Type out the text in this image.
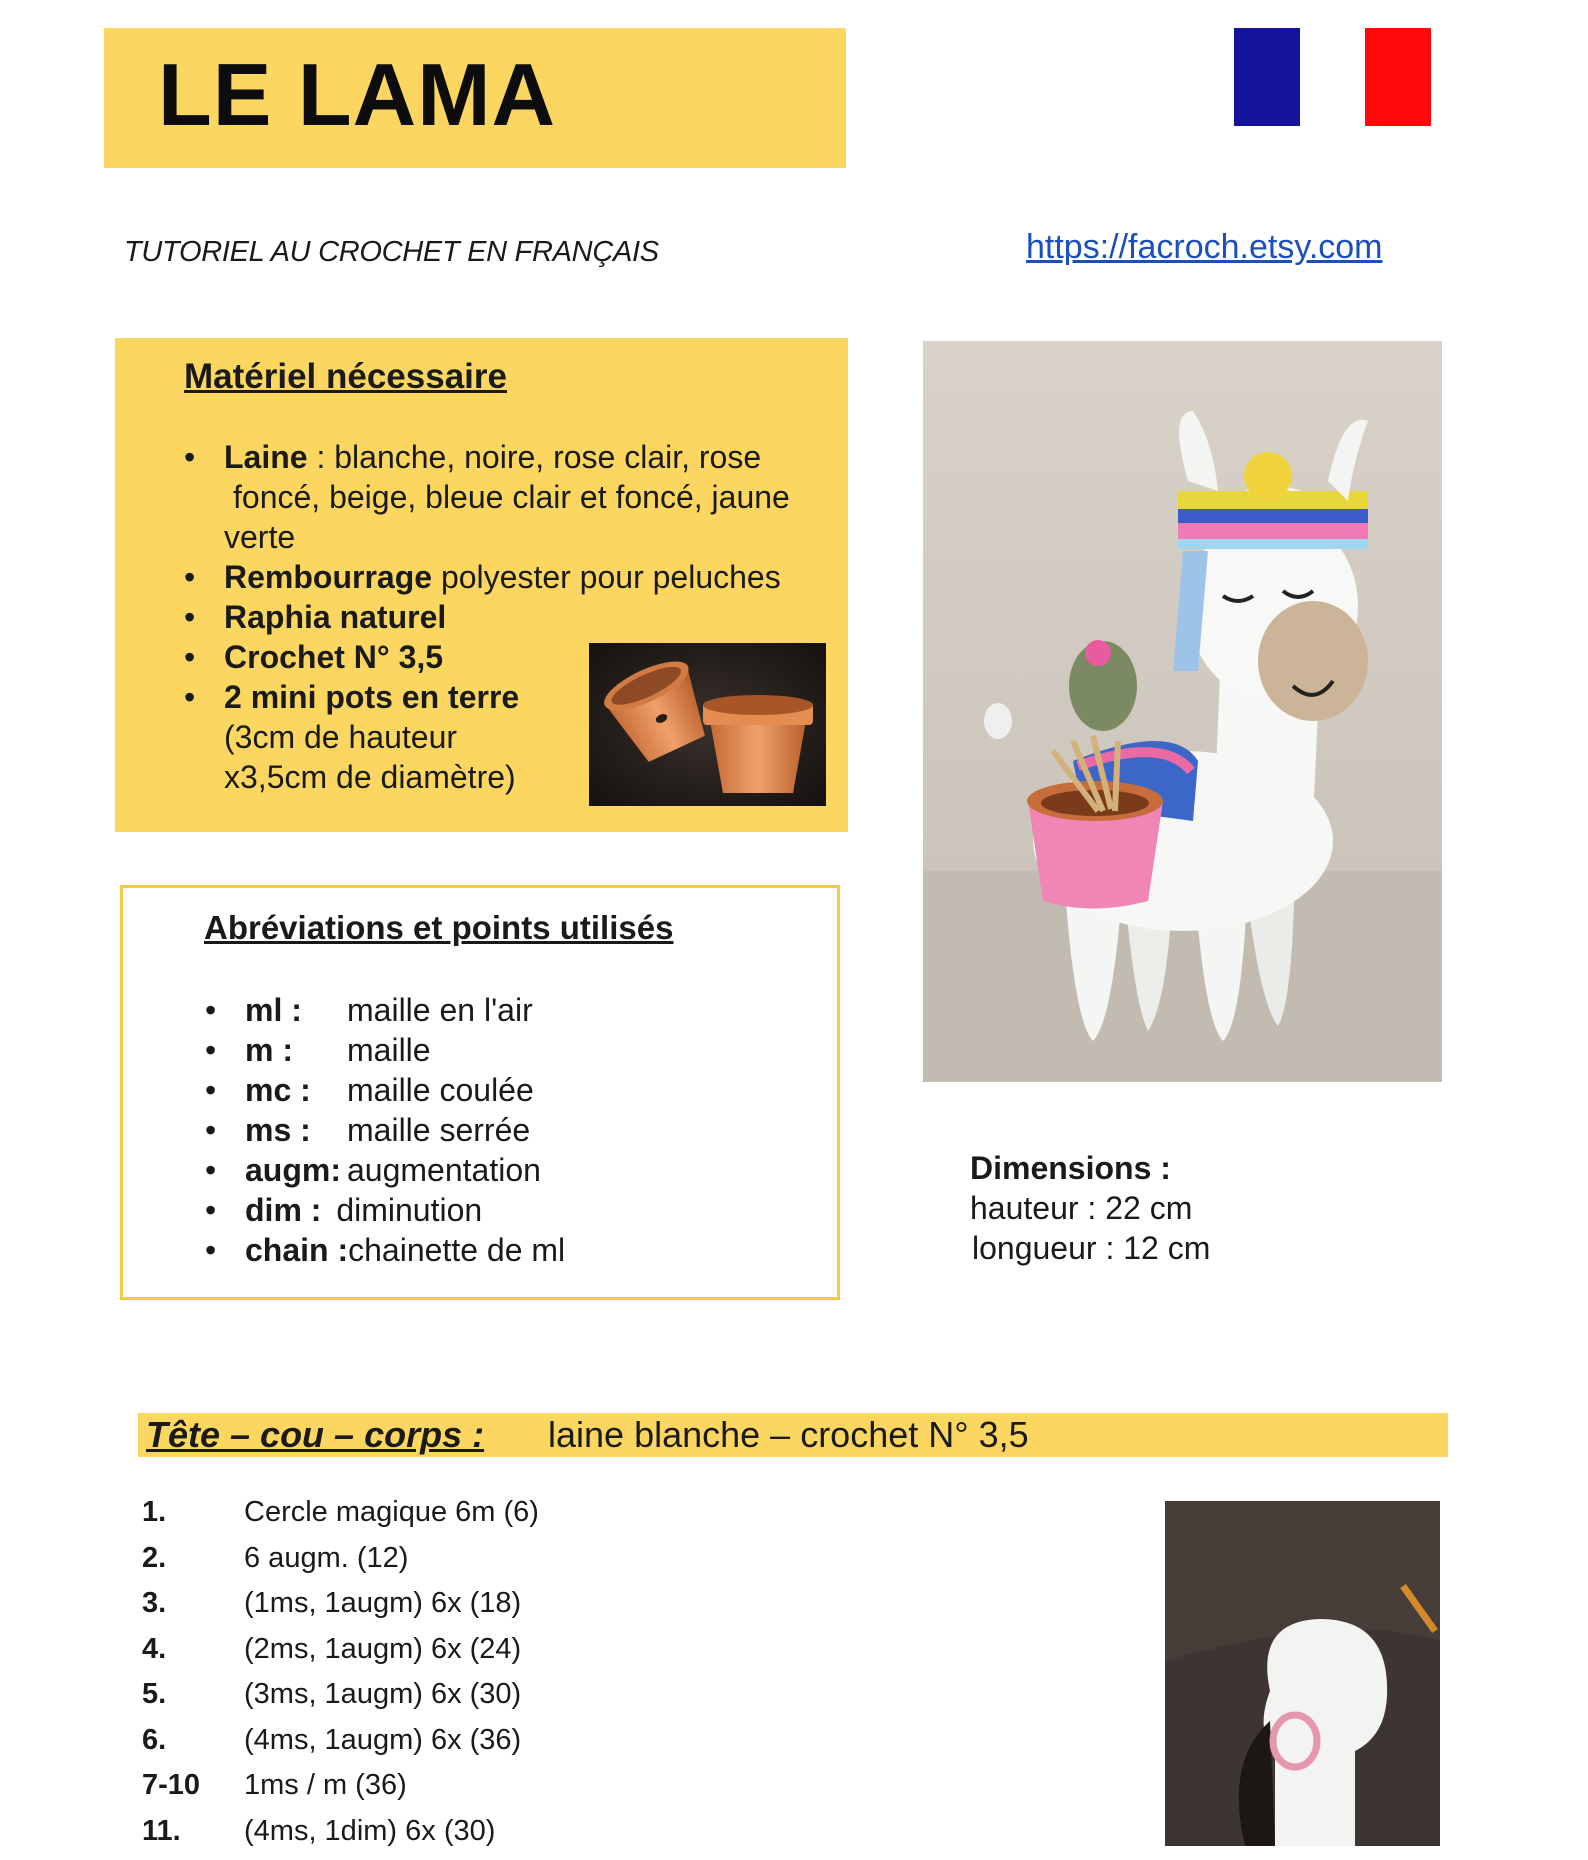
LE LAMA
TUTORIEL AU CROCHET EN FRANÇAIS	https://facroch.etsy.com
Matériel nécessaire
• Laine : blanche, noire, rose clair, rose
foncé, beige, bleue clair et foncé, jaune
verte
• Rembourrage polyester pour peluches
• Raphia naturel
• Crochet N° 3,5
• 2 mini pots en terre
(3cm de hauteur
x3,5cm de diamètre)
Abréviations et points utilisés
• ml : maille en l'air
• m : maille
• mc : maille coulée
• ms : maille serrée
• augm: augmentation
• dim : diminution
• chain :chainette de ml
Dimensions :
hauteur : 22 cm
longueur : 12 cm
Tête – cou – corps : laine blanche – crochet N° 3,5
1.	Cercle magique 6m (6)
2.	6 augm. (12)
3.	(1ms, 1augm) 6x (18)
4.	(2ms, 1augm) 6x (24)
5.	(3ms, 1augm) 6x (30)
6.	(4ms, 1augm) 6x (36)
7-10 1ms / m (36)
11. (4ms, 1dim) 6x (30)
